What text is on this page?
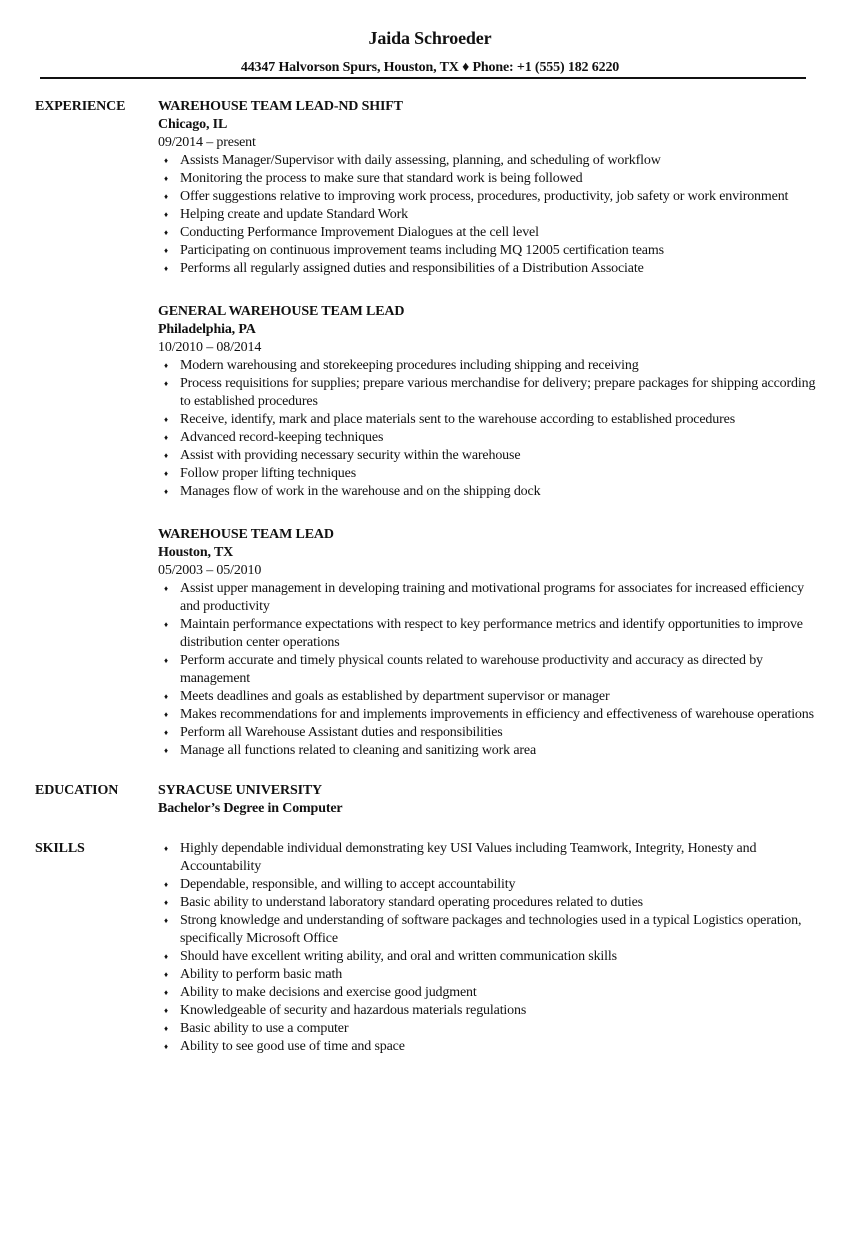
Jaida Schroeder
44347 Halvorson Spurs, Houston, TX ♦ Phone: +1 (555) 182 6220
EXPERIENCE	WAREHOUSE TEAM LEAD-ND SHIFT
Chicago, IL
09/2014 – present
♦ Assists Manager/Supervisor with daily assessing, planning, and scheduling of workflow
♦ Monitoring the process to make sure that standard work is being followed
♦ Offer suggestions relative to improving work process, procedures, productivity, job safety or work environment
♦ Helping create and update Standard Work
♦ Conducting Performance Improvement Dialogues at the cell level
♦ Participating on continuous improvement teams including MQ 12005 certification teams
♦ Performs all regularly assigned duties and responsibilities of a Distribution Associate
GENERAL WAREHOUSE TEAM LEAD
Philadelphia, PA
10/2010 – 08/2014
♦ Modern warehousing and storekeeping procedures including shipping and receiving
♦ Process requisitions for supplies; prepare various merchandise for delivery; prepare packages for shipping according to established procedures
♦ Receive, identify, mark and place materials sent to the warehouse according to established procedures
♦ Advanced record-keeping techniques
♦ Assist with providing necessary security within the warehouse
♦ Follow proper lifting techniques
♦ Manages flow of work in the warehouse and on the shipping dock
WAREHOUSE TEAM LEAD
Houston, TX
05/2003 – 05/2010
♦ Assist upper management in developing training and motivational programs for associates for increased efficiency and productivity
♦ Maintain performance expectations with respect to key performance metrics and identify opportunities to improve distribution center operations
♦ Perform accurate and timely physical counts related to warehouse productivity and accuracy as directed by management
♦ Meets deadlines and goals as established by department supervisor or manager
♦ Makes recommendations for and implements improvements in efficiency and effectiveness of warehouse operations
♦ Perform all Warehouse Assistant duties and responsibilities
♦ Manage all functions related to cleaning and sanitizing work area
EDUCATION	SYRACUSE UNIVERSITY
Bachelor’s Degree in Computer
SKILLS	♦ Highly dependable individual demonstrating key USI Values including Teamwork, Integrity, Honesty and Accountability
♦ Dependable, responsible, and willing to accept accountability
♦ Basic ability to understand laboratory standard operating procedures related to duties
♦ Strong knowledge and understanding of software packages and technologies used in a typical Logistics operation, specifically Microsoft Office
♦ Should have excellent writing ability, and oral and written communication skills
♦ Ability to perform basic math
♦ Ability to make decisions and exercise good judgment
♦ Knowledgeable of security and hazardous materials regulations
♦ Basic ability to use a computer
♦ Ability to see good use of time and space
